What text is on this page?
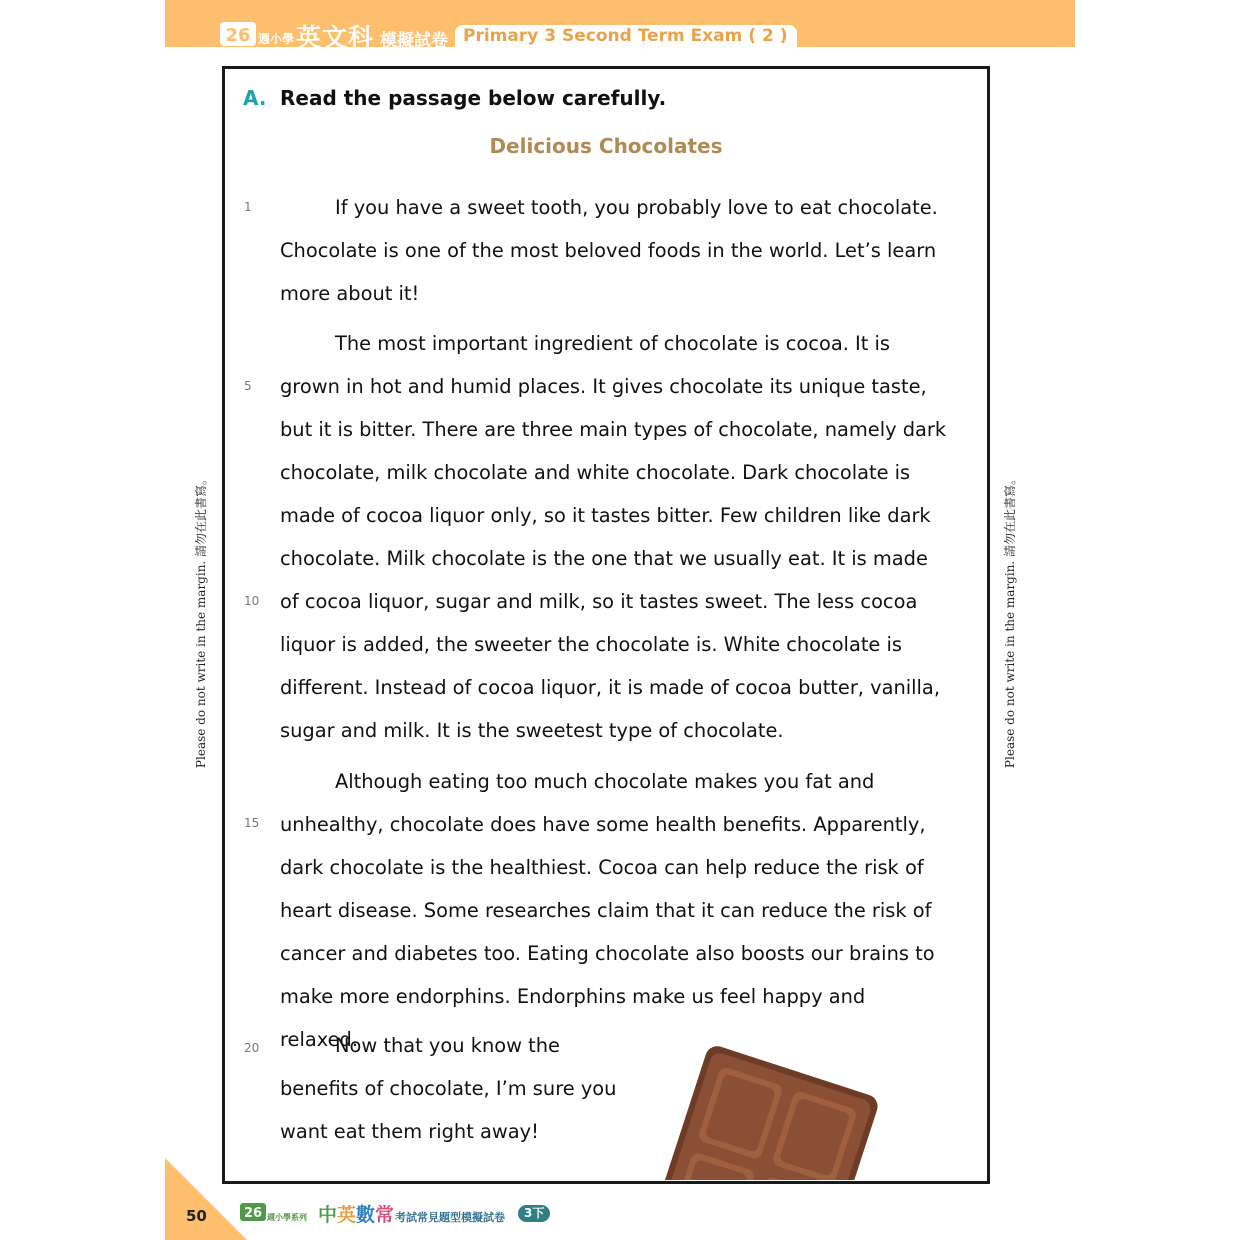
26 週小學 英文科 模擬試卷 Primary 3 Second Term Exam ( 2 )
Please do not write in the margin. 請勿在此書寫。	Please do not write in the margin. 請勿在此書寫。
A. Read the passage below carefully.
Delicious Chocolates
1
5
10
15
20

If you have a sweet tooth, you probably love to eat chocolate. Chocolate is one of the most beloved foods in the world. Let’s learn more about it!

The most important ingredient of chocolate is cocoa. It is grown in hot and humid places. It gives chocolate its unique taste, but it is bitter. There are three main types of chocolate, namely dark chocolate, milk chocolate and white chocolate. Dark chocolate is made of cocoa liquor only, so it tastes bitter. Few children like dark chocolate. Milk chocolate is the one that we usually eat. It is made of cocoa liquor, sugar and milk, so it tastes sweet. The less cocoa liquor is added, the sweeter the chocolate is. White chocolate is different. Instead of cocoa liquor, it is made of cocoa butter, vanilla, sugar and milk. It is the sweetest type of chocolate.

Although eating too much chocolate makes you fat and unhealthy, chocolate does have some health benefits. Apparently, dark chocolate is the healthiest. Cocoa can help reduce the risk of heart disease. Some researches claim that it can reduce the risk of cancer and diabetes too. Eating chocolate also boosts our brains to make more endorphins. Endorphins make us feel happy and relaxed.

Now that you know the benefits of chocolate, I’m sure you want eat them right away!

50	26 週小學系列 中英數常 考試常見題型模擬試卷	3下
